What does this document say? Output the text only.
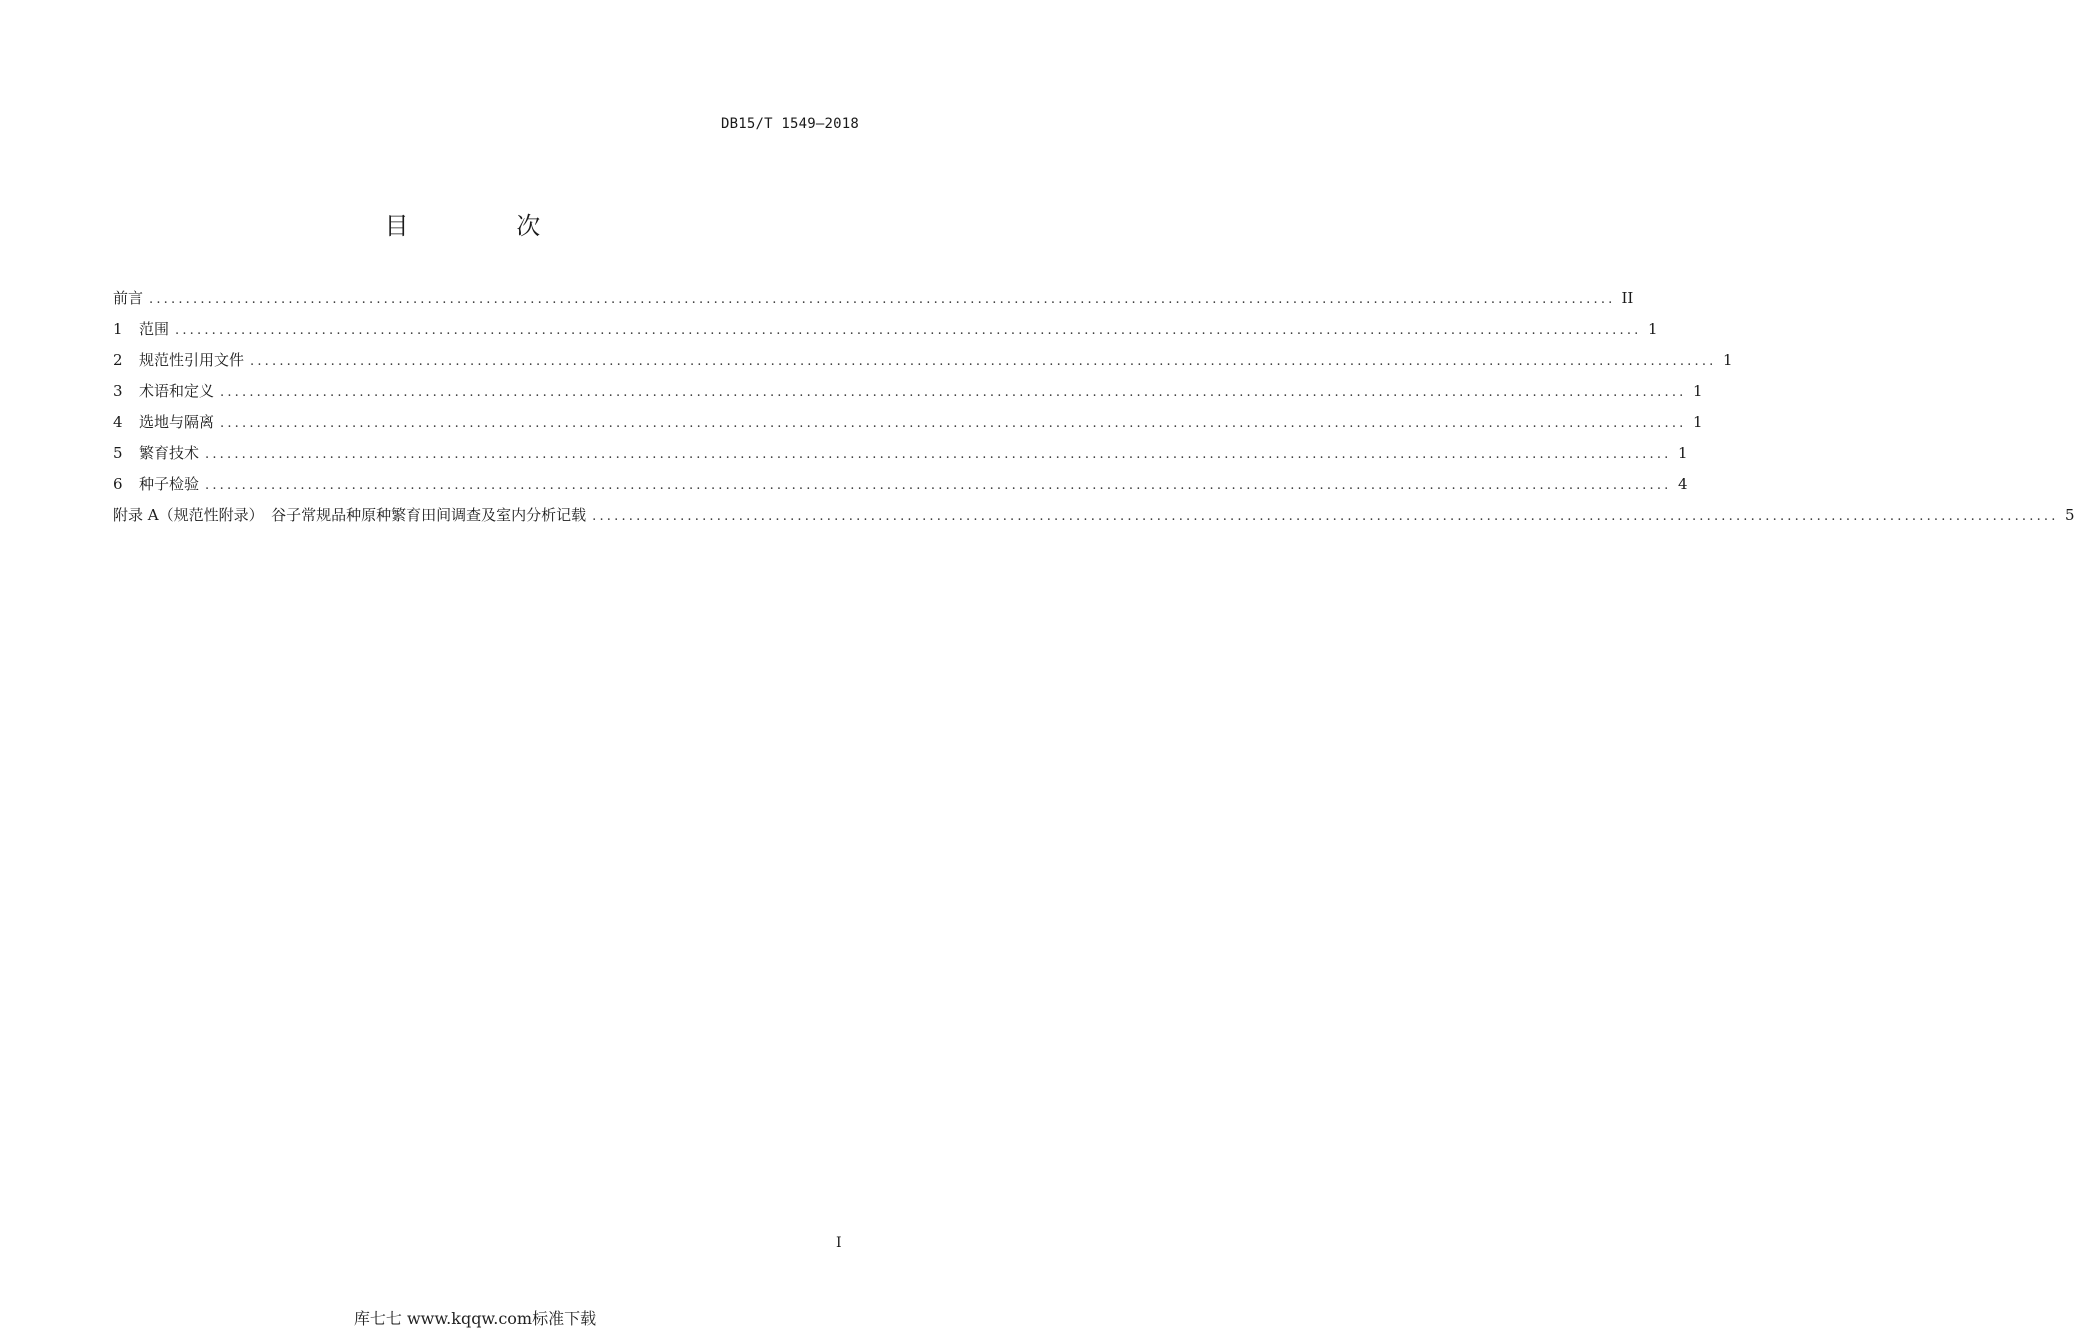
DB15/T 1549—2018
目 次
前言 ........................................................................................................................................................................................................ II
1	范围 ........................................................................................................................................................................................................ 1
2	规范性引用文件 ........................................................................................................................................................................................................ 1
3	术语和定义 ........................................................................................................................................................................................................ 1
4	选地与隔离 ........................................................................................................................................................................................................ 1
5	繁育技术 ........................................................................................................................................................................................................ 1
6	种子检验 ........................................................................................................................................................................................................ 4
附录 A（规范性附录）　谷子常规品种原种繁育田间调查及室内分析记载 ........................................................................................................................................................................................................ 5
I
库七七 www.kqqw.com标准下载
